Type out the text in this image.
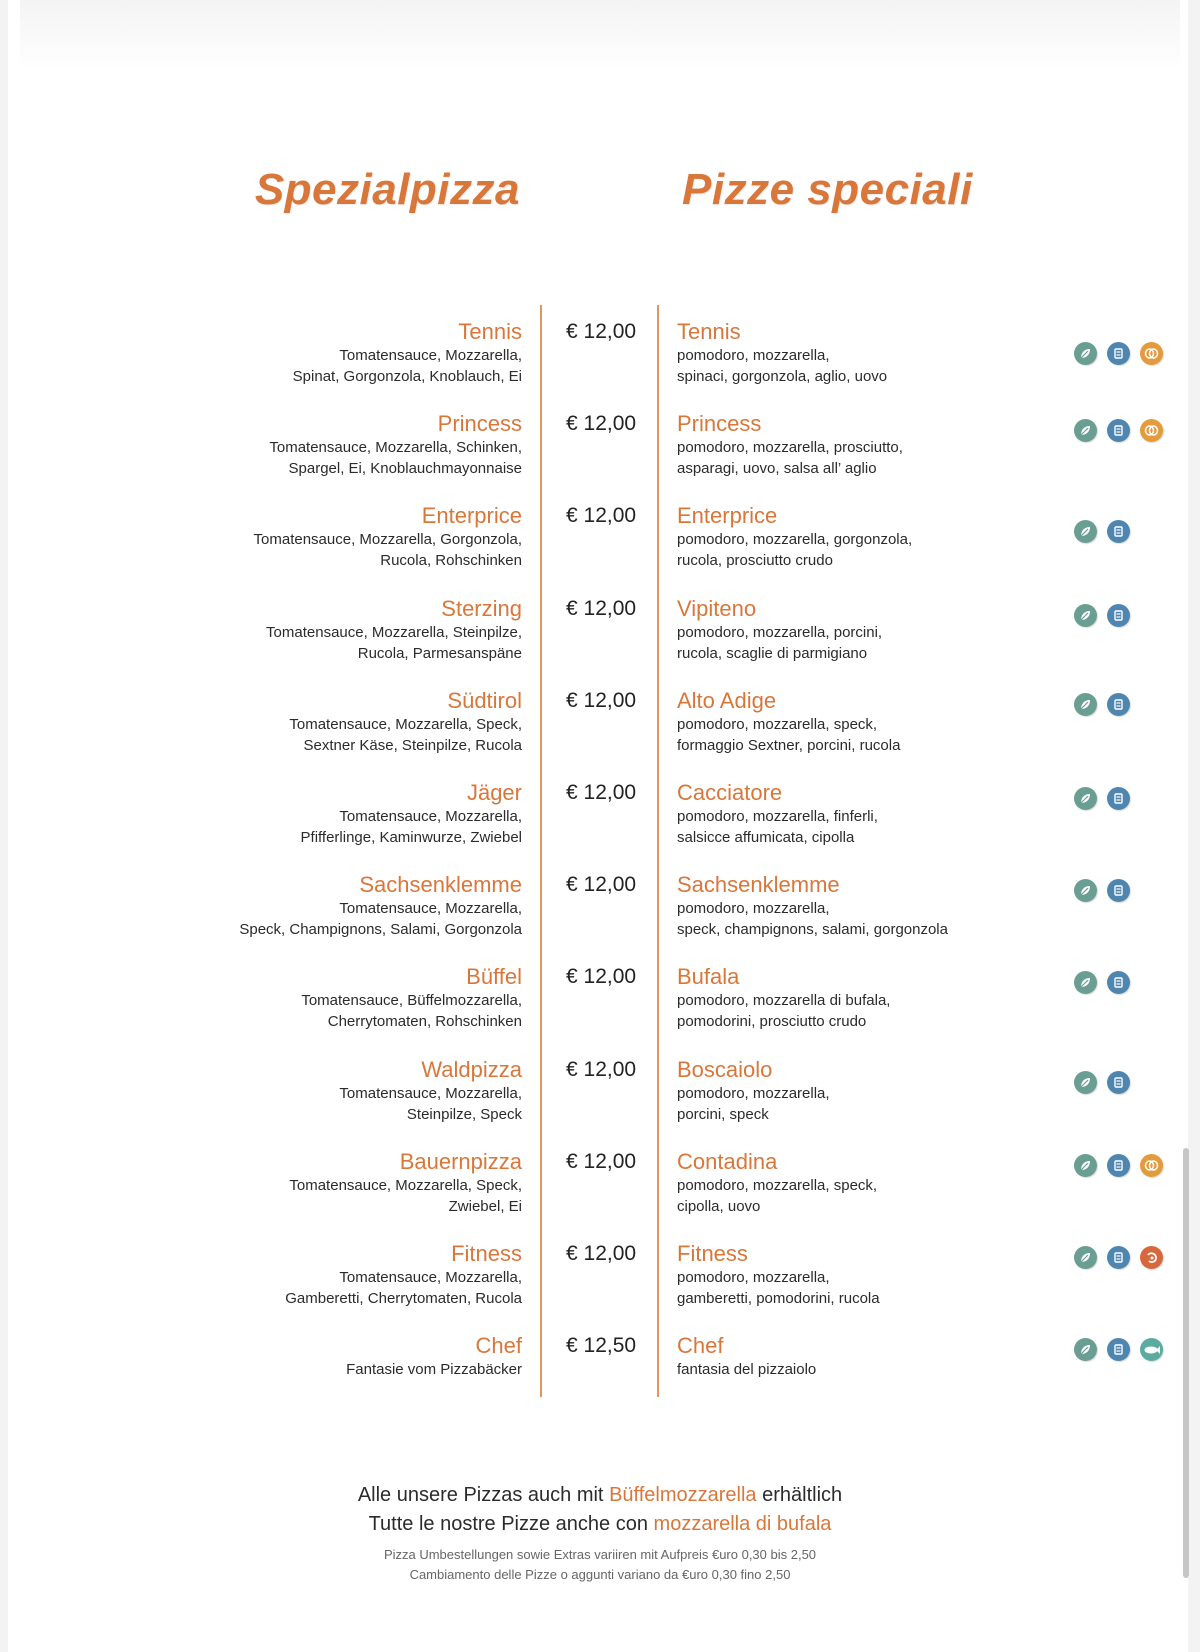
Spezialpizza	Pizze speciali
Tennis
Tomatensauce, Mozzarella,
Spinat, Gorgonzola, Knoblauch, Ei
€ 12,00 Tennis
pomodoro, mozzarella,
spinaci, gorgonzola, aglio, uovo
Princess
Tomatensauce, Mozzarella, Schinken,
Spargel, Ei, Knoblauchmayonnaise
€ 12,00 Princess
pomodoro, mozzarella, prosciutto,
asparagi, uovo, salsa all’ aglio
Enterprice
Tomatensauce, Mozzarella, Gorgonzola,
Rucola, Rohschinken
€ 12,00 Enterprice
pomodoro, mozzarella, gorgonzola,
rucola, prosciutto crudo
Sterzing
Tomatensauce, Mozzarella, Steinpilze,
Rucola, Parmesanspäne
€ 12,00 Vipiteno
pomodoro, mozzarella, porcini,
rucola, scaglie di parmigiano
Südtirol
Tomatensauce, Mozzarella, Speck,
Sextner Käse, Steinpilze, Rucola
€ 12,00 Alto Adige
pomodoro, mozzarella, speck,
formaggio Sextner, porcini, rucola
Jäger
Tomatensauce, Mozzarella,
Pfifferlinge, Kaminwurze, Zwiebel
€ 12,00 Cacciatore
pomodoro, mozzarella, finferli,
salsicce affumicata, cipolla
Sachsenklemme
Tomatensauce, Mozzarella,
Speck, Champignons, Salami, Gorgonzola
€ 12,00 Sachsenklemme
pomodoro, mozzarella,
speck, champignons, salami, gorgonzola
Büffel
Tomatensauce, Büffelmozzarella,
Cherrytomaten, Rohschinken
€ 12,00 Bufala
pomodoro, mozzarella di bufala,
pomodorini, prosciutto crudo
Waldpizza
Tomatensauce, Mozzarella,
Steinpilze, Speck
€ 12,00 Boscaiolo
pomodoro, mozzarella,
porcini, speck
Bauernpizza
Tomatensauce, Mozzarella, Speck,
Zwiebel, Ei
€ 12,00 Contadina
pomodoro, mozzarella, speck,
cipolla, uovo
Fitness
Tomatensauce, Mozzarella,
Gamberetti, Cherrytomaten, Rucola
€ 12,00 Fitness
pomodoro, mozzarella,
gamberetti, pomodorini, rucola
Chef
Fantasie vom Pizzabäcker
€ 12,50 Chef
fantasia del pizzaiolo
Alle unsere Pizzas auch mit Büffelmozzarella erhältlich
Tutte le nostre Pizze anche con mozzarella di bufala
Pizza Umbestellungen sowie Extras variiren mit Aufpreis €uro 0,30 bis 2,50
Cambiamento delle Pizze o aggunti variano da €uro 0,30 fino 2,50
